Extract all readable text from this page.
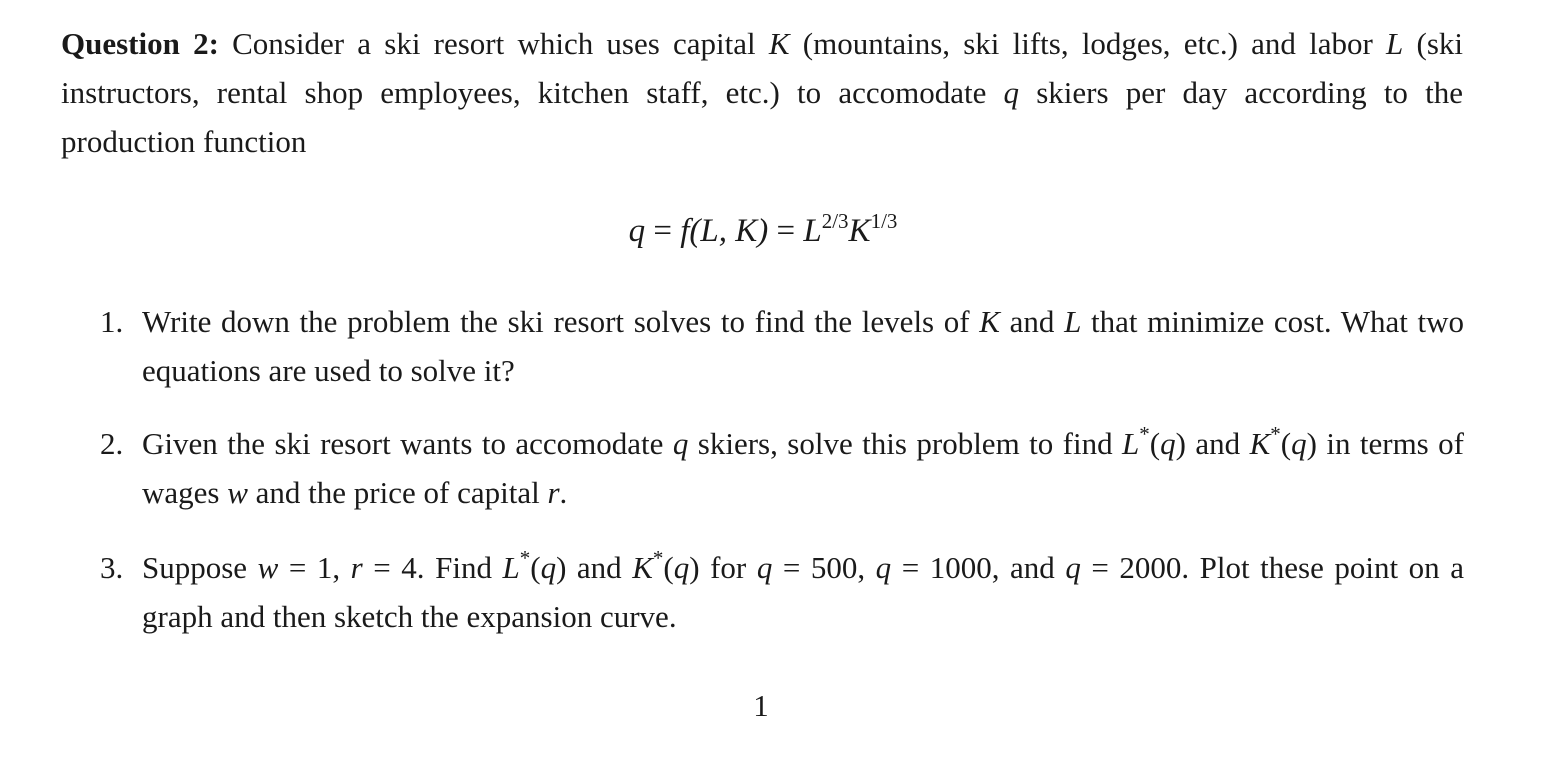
Question 2: Consider a ski resort which uses capital K (mountains, ski lifts, lodges, etc.) and labor L (ski instructors, rental shop employees, kitchen staff, etc.) to accomodate q skiers per day according to the production function

q = f(L, $K) = L^{2/3}K^{1/3}$
1. Write down the problem the ski resort solves to find the levels of K and L that minimize cost. What two equations are used to solve it?
2. Given the ski resort wants to accomodate q skiers, solve this problem to find L*(q) and K*(q) in terms of wages w and the price of capital r.
3. Suppose w = 1, r = 4. Find L*(q) and K*(q) for q = 500, q = 1000, and q = 2000. Plot these point on a graph and then sketch the expansion curve.
1
